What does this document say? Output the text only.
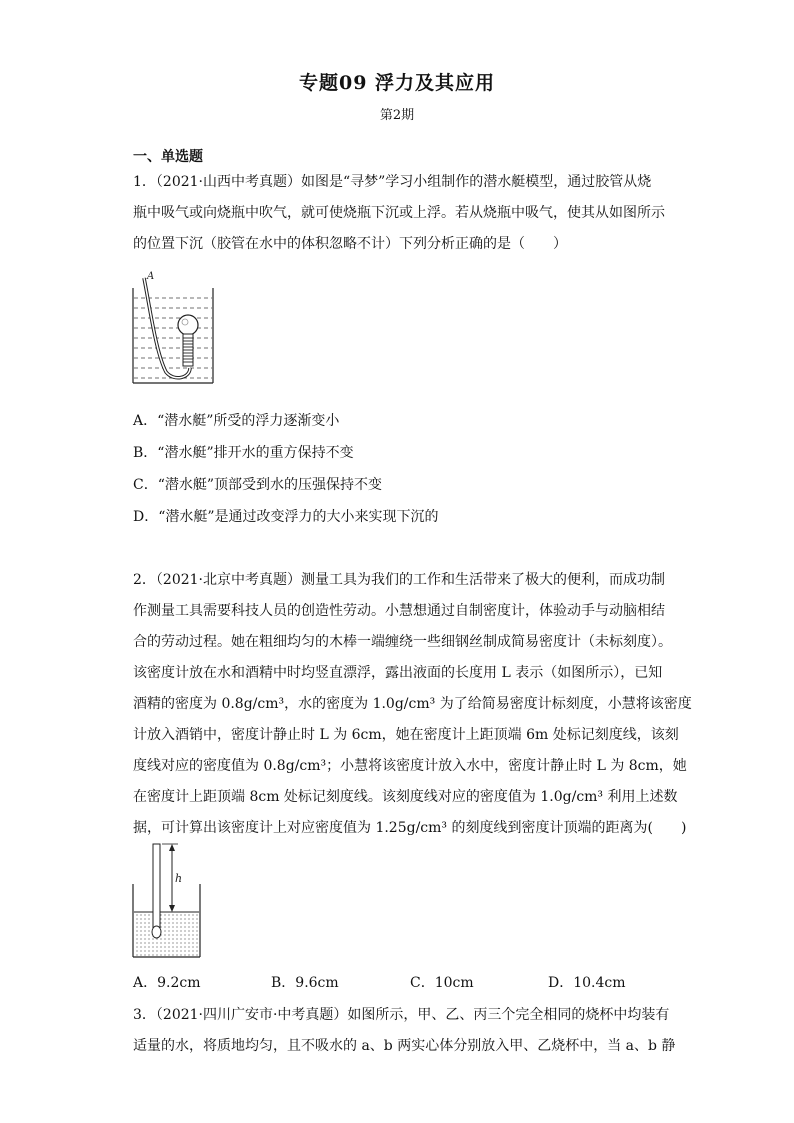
专题09 浮力及其应用
第2期
一、单选题
1．（2021·山西中考真题）如图是“寻梦”学习小组制作的潜水艇模型，通过胶管从烧
瓶中吸气或向烧瓶中吹气，就可使烧瓶下沉或上浮。若从烧瓶中吸气，使其从如图所示
的位置下沉（胶管在水中的体积忽略不计）下列分析正确的是（　　）
A
A．“潜水艇”所受的浮力逐渐变小
B．“潜水艇”排开水的重方保持不变
C．“潜水艇”顶部受到水的压强保持不变
D．“潜水艇”是通过改变浮力的大小来实现下沉的
2．（2021·北京中考真题）测量工具为我们的工作和生活带来了极大的便利，而成功制
作测量工具需要科技人员的创造性劳动。小慧想通过自制密度计，体验动手与动脑相结
合的劳动过程。她在粗细均匀的木棒一端缠绕一些细钢丝制成简易密度计（未标刻度）。
该密度计放在水和酒精中时均竖直漂浮，露出液面的长度用 L 表示（如图所示），已知
酒精的密度为 0.8g/cm³，水的密度为 1.0g/cm³ 为了给简易密度计标刻度，小慧将该密度
计放入酒销中，密度计静止时 L 为 6cm，她在密度计上距顶端 6m 处标记刻度线，该刻
度线对应的密度值为 0.8g/cm³；小慧将该密度计放入水中，密度计静止时 L 为 8cm，她
在密度计上距顶端 8cm 处标记刻度线。该刻度线对应的密度值为 1.0g/cm³ 利用上述数
据，可计算出该密度计上对应密度值为 1.25g/cm³ 的刻度线到密度计顶端的距离为(　　)
h
A．9.2cm	B．9.6cm	C．10cm	D．10.4cm
3．（2021·四川广安市·中考真题）如图所示，甲、乙、丙三个完全相同的烧杯中均装有
适量的水，将质地均匀，且不吸水的 a、b 两实心体分别放入甲、乙烧杯中，当 a、b 静
